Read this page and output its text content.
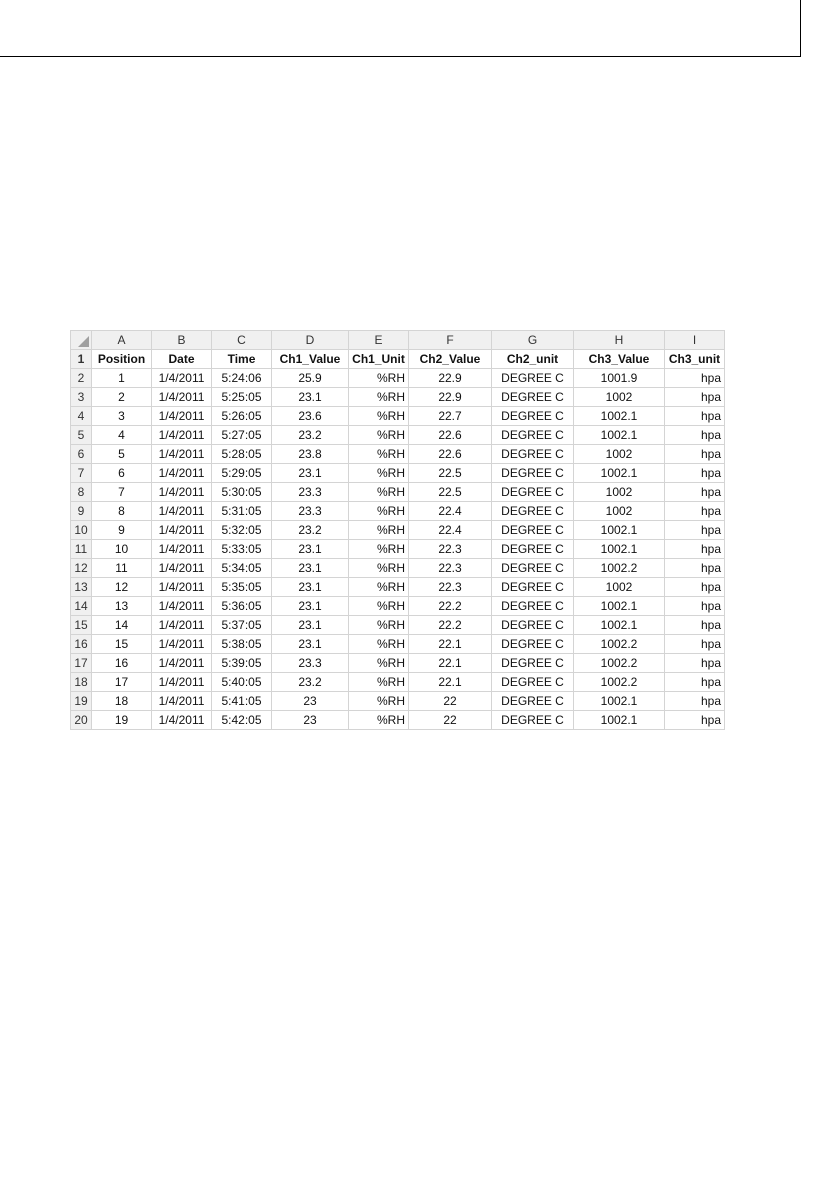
	A	B	C	D	E	F	G	H	I
1	Position	Date	Time	Ch1_Value	Ch1_Unit	Ch2_Value	Ch2_unit	Ch3_Value	Ch3_unit
2	1	1/4/2011	5:24:06	25.9	%RH	22.9	DEGREE C	1001.9	hpa
3	2	1/4/2011	5:25:05	23.1	%RH	22.9	DEGREE C	1002	hpa
4	3	1/4/2011	5:26:05	23.6	%RH	22.7	DEGREE C	1002.1	hpa
5	4	1/4/2011	5:27:05	23.2	%RH	22.6	DEGREE C	1002.1	hpa
6	5	1/4/2011	5:28:05	23.8	%RH	22.6	DEGREE C	1002	hpa
7	6	1/4/2011	5:29:05	23.1	%RH	22.5	DEGREE C	1002.1	hpa
8	7	1/4/2011	5:30:05	23.3	%RH	22.5	DEGREE C	1002	hpa
9	8	1/4/2011	5:31:05	23.3	%RH	22.4	DEGREE C	1002	hpa
10	9	1/4/2011	5:32:05	23.2	%RH	22.4	DEGREE C	1002.1	hpa
11	10	1/4/2011	5:33:05	23.1	%RH	22.3	DEGREE C	1002.1	hpa
12	11	1/4/2011	5:34:05	23.1	%RH	22.3	DEGREE C	1002.2	hpa
13	12	1/4/2011	5:35:05	23.1	%RH	22.3	DEGREE C	1002	hpa
14	13	1/4/2011	5:36:05	23.1	%RH	22.2	DEGREE C	1002.1	hpa
15	14	1/4/2011	5:37:05	23.1	%RH	22.2	DEGREE C	1002.1	hpa
16	15	1/4/2011	5:38:05	23.1	%RH	22.1	DEGREE C	1002.2	hpa
17	16	1/4/2011	5:39:05	23.3	%RH	22.1	DEGREE C	1002.2	hpa
18	17	1/4/2011	5:40:05	23.2	%RH	22.1	DEGREE C	1002.2	hpa
19	18	1/4/2011	5:41:05	23	%RH	22	DEGREE C	1002.1	hpa
20	19	1/4/2011	5:42:05	23	%RH	22	DEGREE C	1002.1	hpa
